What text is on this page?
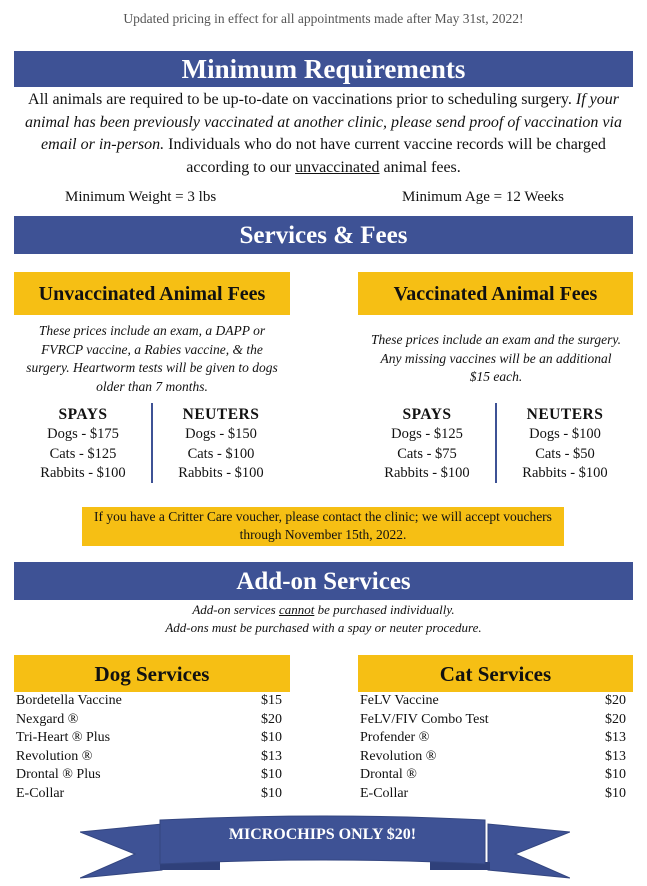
Updated pricing in effect for all appointments made after May 31st, 2022!
Minimum Requirements
All animals are required to be up-to-date on vaccinations prior to scheduling surgery. If your animal has been previously vaccinated at another clinic, please send proof of vaccination via email or in-person. Individuals who do not have current vaccine records will be charged according to our unvaccinated animal fees.
Minimum Weight = 3 lbs	Minimum Age = 12 Weeks
Services & Fees
Unvaccinated Animal Fees	Vaccinated Animal Fees
These prices include an exam, a DAPP or FVRCP vaccine, a Rabies vaccine, & the surgery. Heartworm tests will be given to dogs older than 7 months.
These prices include an exam and the surgery. Any missing vaccines will be an additional $15 each.
SPAYS
Dogs - $175
Cats - $125
Rabbits - $100
NEUTERS
Dogs - $150
Cats - $100
Rabbits - $100
SPAYS
Dogs - $125
Cats - $75
Rabbits - $100
NEUTERS
Dogs - $100
Cats - $50
Rabbits - $100
If you have a Critter Care voucher, please contact the clinic; we will accept vouchers through November 15th, 2022.
Add-on Services
Add-on services cannot be purchased individually.
Add-ons must be purchased with a spay or neuter procedure.
Dog Services	Cat Services
Bordetella Vaccine	$15
Nexgard ®	$20
Tri-Heart ® Plus	$10
Revolution ®	$13
Drontal ® Plus	$10
E-Collar	$10
FeLV Vaccine	$20
FeLV/FIV Combo Test	$20
Profender ®	$13
Revolution ®	$13
Drontal ®	$10
E-Collar	$10
MICROCHIPS ONLY $20!
